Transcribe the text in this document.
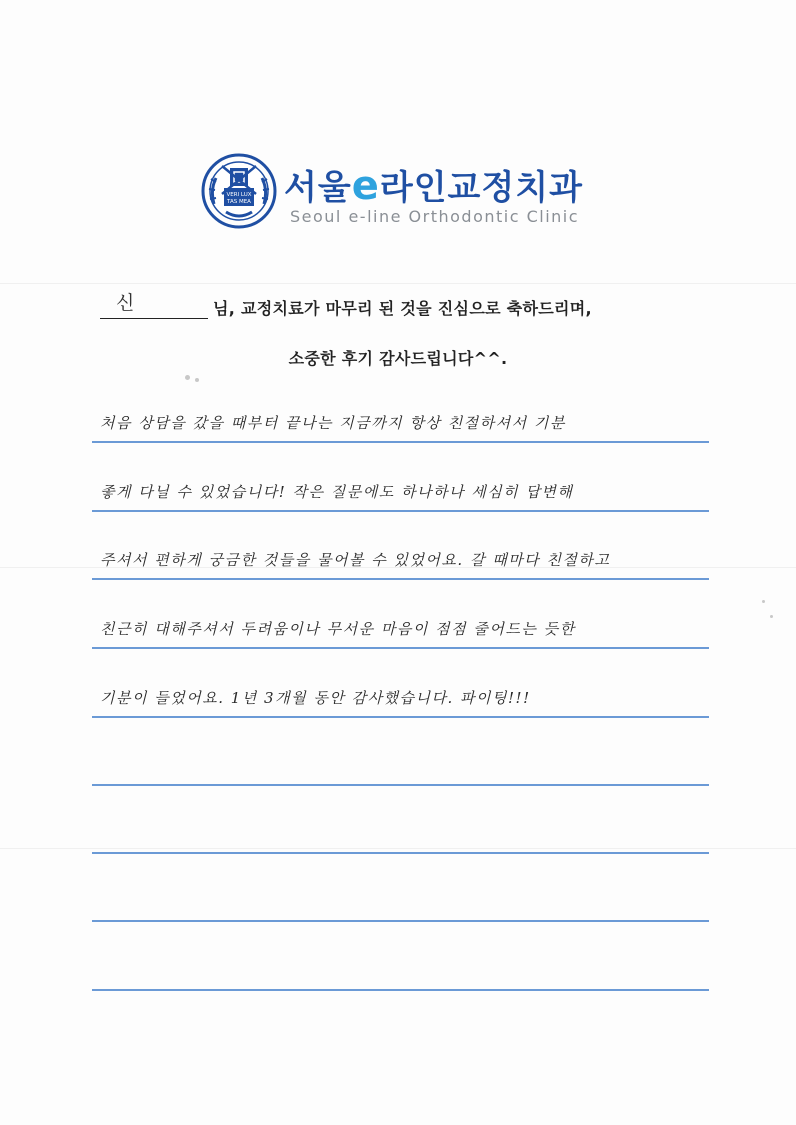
VERI LUX
TAS MEA 서울e라인교정치과
Seoul e-line Orthodontic Clinic
신	님, 교정치료가 마무리 된 것을 진심으로 축하드리며,
소중한 후기 감사드립니다^^.
처음 상담을 갔을 때부터 끝나는 지금까지 항상 친절하셔서 기분
좋게 다닐 수 있었습니다! 작은 질문에도 하나하나 세심히 답변해
주셔서 편하게 궁금한 것들을 물어볼 수 있었어요. 갈 때마다 친절하고
친근히 대해주셔서 두려움이나 무서운 마음이 점점 줄어드는 듯한
기분이 들었어요. 1년 3개월 동안 감사했습니다. 파이팅!!!
